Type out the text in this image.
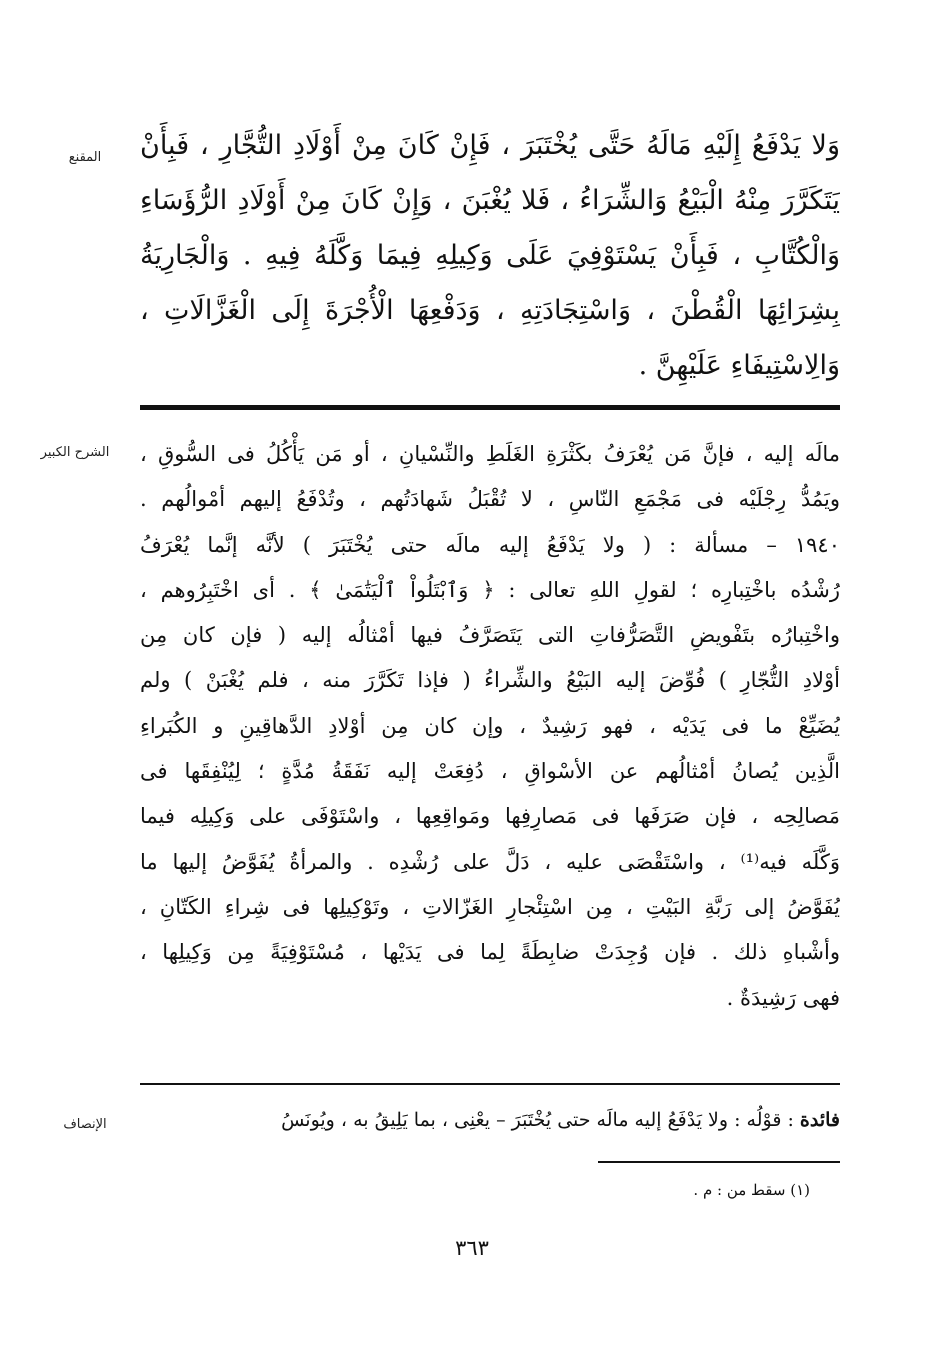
المقنع
الشرح الكبير
الإنصاف
وَلا يَدْفَعُ إِلَيْهِ مَالَهُ حَتَّى يُخْتَبَرَ ، فَإِنْ كَانَ مِنْ أَوْلَادِ التُّجَّارِ ، فَبِأَنْ
يَتَكَرَّرَ مِنْهُ الْبَيْعُ وَالشِّرَاءُ ، فَلا يُغْبَنَ ، وَإِنْ كَانَ مِنْ أَوْلَادِ الرُّؤَسَاءِ
وَالْكُتَّابِ ، فَبِأَنْ يَسْتَوْفِيَ عَلَى وَكِيلِهِ فِيمَا وَكَّلَهُ فِيهِ . وَالْجَارِيَةُ
بِشِرَائِهَا الْقُطْنَ ، وَاسْتِجَادَتِهِ ، وَدَفْعِهَا الْأُجْرَةَ إِلَى الْغَزَّالَاتِ ،
وَالِاسْتِيفَاءِ عَلَيْهِنَّ .
مالَه إليه ، فإنَّ مَن يُعْرَفُ بكَثْرَةِ الغَلَطِ والنِّسْيانِ ، أو مَن يَأْكُلُ فى السُّوقِ ،
ويَمُدُّ رِجْلَيْه فى مَجْمَعِ النّاسِ ، لا تُقْبَلُ شَهادَتُهم ، وتُدْفَعُ إليهم أمْوالُهم .
١٩٤٠ – مسألة : ( ولا يَدْفَعُ إليه مالَه حتى يُخْتَبَرَ ) لأنَّه إنَّما يُعْرَفُ
رُشْدُه باخْتِبارِه ؛ لقولِ اللهِ تعالى : ﴿ وَٱبْتَلُواْ ٱلْيَتَٰمَىٰ ﴾ . أى اخْتَبِرُوهم ،
واخْتِبارُه بتَفْويضِ التَّصَرُّفاتِ التى يَتَصَرَّفُ فيها أمْثالُه إليه ( فإن كان مِن
أوْلادِ التُّجّارِ ) فُوِّضَ إليه البَيْعُ والشِّراءُ ( فإذا تَكَرَّرَ منه ، فلم يُغْبَنْ ) ولم
يُضَيِّعْ ما فى يَدَيْه ، فهو رَشِيدٌ ، وإن كان مِن أوْلادِ الدَّهاقِينِ و الكُبَراءِ
الَّذِين يُصانُ أمْثالُهم عن الأسْواقِ ، دُفِعَتْ إليه نَفَقَةُ مُدَّةٍ ؛ لِيُنْفِقَها فى
مَصالِحِه ، فإن صَرَفَها فى مَصارِفِها ومَواقِعِها ، واسْتَوْفَى على وَكِيلِه فيما
وَكَّلَه فيه⁽¹⁾ ، واسْتَقْصَى عليه ، دَلَّ على رُشْدِه . والمرأةُ يُفَوَّضُ إليها ما
يُفَوَّضُ إلى رَبَّةِ البَيْتِ ، مِن اسْتِئْجارِ الغَزّالاتِ ، وتَوْكِيلِها فى شِراءِ الكَتّانِ ،
وأشْباهِ ذلك . فإن وُجِدَتْ ضابِطَةً لِما فى يَدَيْها ، مُسْتَوْفِيَةً مِن وَكِيلِها ،
فهى رَشِيدَةٌ .
فائدة : قوْلُه : ولا يَدْفَعُ إليه مالَه حتى يُخْتَبَرَ – يعْنِى ، بما يَلِيقُ به ، ويُونَسُ
(١) سقط من : م .
٣٦٣
